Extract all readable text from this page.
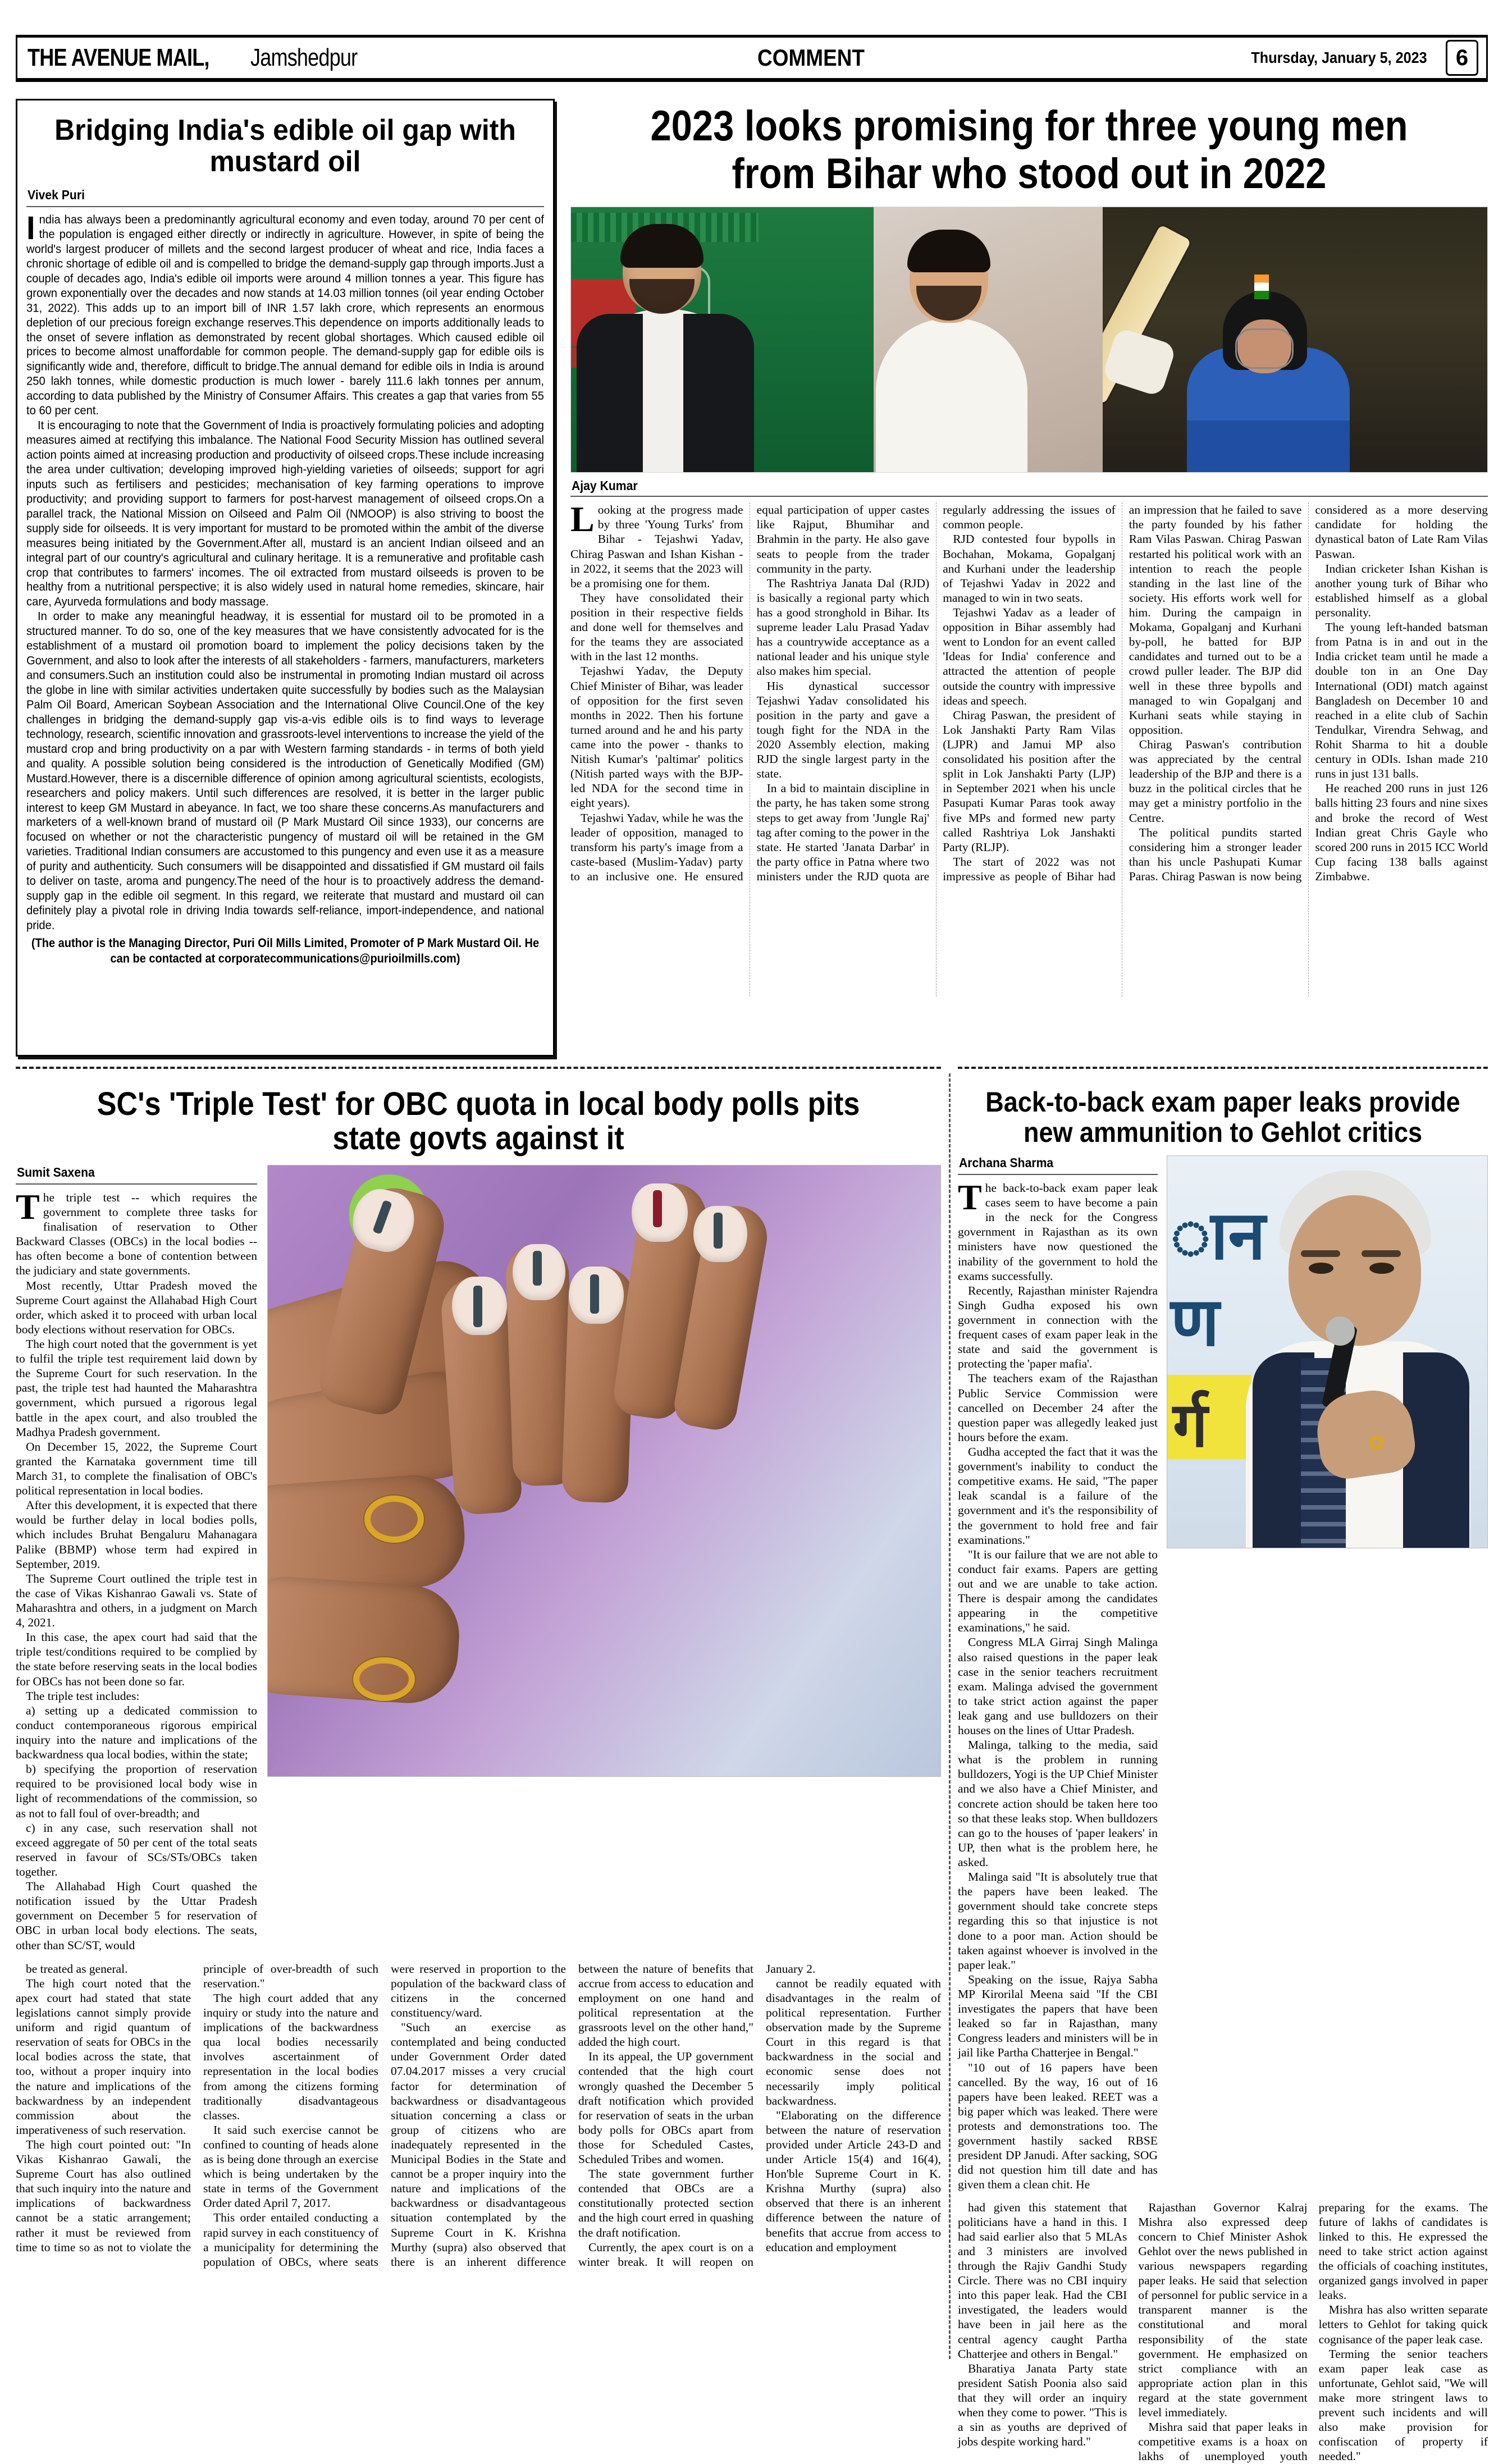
THE AVENUE MAIL, Jamshedpur	COMMENT	Thursday, January 5, 2023	6
Bridging India's edible oil gap with mustard oil
Vivek Puri

India has always been a predominantly agricultural economy and even today, around 70 per cent of the population is engaged either directly or indirectly in agriculture. However, in spite of being the world's largest producer of millets and the second largest producer of wheat and rice, India faces a chronic shortage of edible oil and is compelled to bridge the demand-supply gap through imports.Just a couple of decades ago, India's edible oil imports were around 4 million tonnes a year. This figure has grown exponentially over the decades and now stands at 14.03 million tonnes (oil year ending October 31, 2022). This adds up to an import bill of INR 1.57 lakh crore, which represents an enormous depletion of our precious foreign exchange reserves.This dependence on imports additionally leads to the onset of severe inflation as demonstrated by recent global shortages. Which caused edible oil prices to become almost unaffordable for common people. The demand-supply gap for edible oils is significantly wide and, therefore, difficult to bridge.The annual demand for edible oils in India is around 250 lakh tonnes, while domestic production is much lower - barely 111.6 lakh tonnes per annum, according to data published by the Ministry of Consumer Affairs. This creates a gap that varies from 55 to 60 per cent.

It is encouraging to note that the Government of India is proactively formulating policies and adopting measures aimed at rectifying this imbalance. The National Food Security Mission has outlined several action points aimed at increasing production and productivity of oilseed crops.These include increasing the area under cultivation; developing improved high-yielding varieties of oilseeds; support for agri inputs such as fertilisers and pesticides; mechanisation of key farming operations to improve productivity; and providing support to farmers for post-harvest management of oilseed crops.On a parallel track, the National Mission on Oilseed and Palm Oil (NMOOP) is also striving to boost the supply side for oilseeds. It is very important for mustard to be promoted within the ambit of the diverse measures being initiated by the Government.After all, mustard is an ancient Indian oilseed and an integral part of our country's agricultural and culinary heritage. It is a remunerative and profitable cash crop that contributes to farmers' incomes. The oil extracted from mustard oilseeds is proven to be healthy from a nutritional perspective; it is also widely used in natural home remedies, skincare, hair care, Ayurveda formulations and body massage.

In order to make any meaningful headway, it is essential for mustard oil to be promoted in a structured manner. To do so, one of the key measures that we have consistently advocated for is the establishment of a mustard oil promotion board to implement the policy decisions taken by the Government, and also to look after the interests of all stakeholders - farmers, manufacturers, marketers and consumers.Such an institution could also be instrumental in promoting Indian mustard oil across the globe in line with similar activities undertaken quite successfully by bodies such as the Malaysian Palm Oil Board, American Soybean Association and the International Olive Council.One of the key challenges in bridging the demand-supply gap vis-a-vis edible oils is to find ways to leverage technology, research, scientific innovation and grassroots-level interventions to increase the yield of the mustard crop and bring productivity on a par with Western farming standards - in terms of both yield and quality. A possible solution being considered is the introduction of Genetically Modified (GM) Mustard.However, there is a discernible difference of opinion among agricultural scientists, ecologists, researchers and policy makers. Until such differences are resolved, it is better in the larger public interest to keep GM Mustard in abeyance. In fact, we too share these concerns.As manufacturers and marketers of a well-known brand of mustard oil (P Mark Mustard Oil since 1933), our concerns are focused on whether or not the characteristic pungency of mustard oil will be retained in the GM varieties. Traditional Indian consumers are accustomed to this pungency and even use it as a measure of purity and authenticity. Such consumers will be disappointed and dissatisfied if GM mustard oil fails to deliver on taste, aroma and pungency.The need of the hour is to proactively address the demand-supply gap in the edible oil segment. In this regard, we reiterate that mustard and mustard oil can definitely play a pivotal role in driving India towards self-reliance, import-independence, and national pride.

(The author is the Managing Director, Puri Oil Mills Limited, Promoter of P Mark Mustard Oil. He can be contacted at corporatecommunications@purioilmills.com)
2023 looks promising for three young men from Bihar who stood out in 2022
Ajay Kumar

Looking at the progress made by three 'Young Turks' from Bihar - Tejashwi Yadav, Chirag Paswan and Ishan Kishan - in 2022, it seems that the 2023 will be a promising one for them.

They have consolidated their position in their respective fields and done well for themselves and for the teams they are associated with in the last 12 months.

Tejashwi Yadav, the Deputy Chief Minister of Bihar, was leader of opposition for the first seven months in 2022. Then his fortune turned around and he and his party came into the power - thanks to Nitish Kumar's 'paltimar' politics (Nitish parted ways with the BJP-led NDA for the second time in eight years).

Tejashwi Yadav, while he was the leader of opposition, managed to transform his party's image from a caste-based (Muslim-Yadav) party to an inclusive one. He ensured equal participation of upper castes like Rajput, Bhumihar and Brahmin in the party. He also gave seats to people from the trader community in the party.

The Rashtriya Janata Dal (RJD) is basically a regional party which has a good stronghold in Bihar. Its supreme leader Lalu Prasad Yadav has a countrywide acceptance as a national leader and his unique style also makes him special.

His dynastical successor Tejashwi Yadav consolidated his position in the party and gave a tough fight for the NDA in the 2020 Assembly election, making RJD the single largest party in the state.

In a bid to maintain discipline in the party, he has taken some strong steps to get away from 'Jungle Raj' tag after coming to the power in the state. He started 'Janata Darbar' in the party office in Patna where two ministers under the RJD quota are regularly addressing the issues of common people.

RJD contested four bypolls in Bochahan, Mokama, Gopalganj and Kurhani under the leadership of Tejashwi Yadav in 2022 and managed to win in two seats.

Tejashwi Yadav as a leader of opposition in Bihar assembly had went to London for an event called 'Ideas for India' conference and attracted the attention of people outside the country with impressive ideas and speech.

Chirag Paswan, the president of Lok Janshakti Party Ram Vilas (LJPR) and Jamui MP also consolidated his position after the split in Lok Janshakti Party (LJP) in September 2021 when his uncle Pasupati Kumar Paras took away five MPs and formed new party called Rashtriya Lok Janshakti Party (RLJP).

The start of 2022 was not impressive as people of Bihar had an impression that he failed to save the party founded by his father Ram Vilas Paswan. Chirag Paswan restarted his political work with an intention to reach the people standing in the last line of the society. His efforts work well for him. During the campaign in Mokama, Gopalganj and Kurhani by-poll, he batted for BJP candidates and turned out to be a crowd puller leader. The BJP did well in these three bypolls and managed to win Gopalganj and Kurhani seats while staying in opposition.

Chirag Paswan's contribution was appreciated by the central leadership of the BJP and there is a buzz in the political circles that he may get a ministry portfolio in the Centre.

The political pundits started considering him a stronger leader than his uncle Pashupati Kumar Paras. Chirag Paswan is now being considered as a more deserving candidate for holding the dynastical baton of Late Ram Vilas Paswan.

Indian cricketer Ishan Kishan is another young turk of Bihar who established himself as a global personality.

The young left-handed batsman from Patna is in and out in the India cricket team until he made a double ton in an One Day International (ODI) match against Bangladesh on December 10 and reached in a elite club of Sachin Tendulkar, Virendra Sehwag, and Rohit Sharma to hit a double century in ODIs. Ishan made 210 runs in just 131 balls.

He reached 200 runs in just 126 balls hitting 23 fours and nine sixes and broke the record of West Indian great Chris Gayle who scored 200 runs in 2015 ICC World Cup facing 138 balls against Zimbabwe.

SC's 'Triple Test' for OBC quota in local body polls pits state govts against it
Sumit Saxena

The triple test -- which requires the government to complete three tasks for finalisation of reservation to Other Backward Classes (OBCs) in the local bodies -- has often become a bone of contention between the judiciary and state governments.

Most recently, Uttar Pradesh moved the Supreme Court against the Allahabad High Court order, which asked it to proceed with urban local body elections without reservation for OBCs.

The high court noted that the government is yet to fulfil the triple test requirement laid down by the Supreme Court for such reservation. In the past, the triple test had haunted the Maharashtra government, which pursued a rigorous legal battle in the apex court, and also troubled the Madhya Pradesh government.

On December 15, 2022, the Supreme Court granted the Karnataka government time till March 31, to complete the finalisation of OBC's political representation in local bodies.

After this development, it is expected that there would be further delay in local bodies polls, which includes Bruhat Bengaluru Mahanagara Palike (BBMP) whose term had expired in September, 2019.

The Supreme Court outlined the triple test in the case of Vikas Kishanrao Gawali vs. State of Maharashtra and others, in a judgment on March 4, 2021.

In this case, the apex court had said that the triple test/conditions required to be complied by the state before reserving seats in the local bodies for OBCs has not been done so far.

The triple test includes:

a) setting up a dedicated commission to conduct contemporaneous rigorous empirical inquiry into the nature and implications of the backwardness qua local bodies, within the state;

b) specifying the proportion of reservation required to be provisioned local body wise in light of recommendations of the commission, so as not to fall foul of over-breadth; and

c) in any case, such reservation shall not exceed aggregate of 50 per cent of the total seats reserved in favour of SCs/STs/OBCs taken together.

The Allahabad High Court quashed the notification issued by the Uttar Pradesh government on December 5 for reservation of OBC in urban local body elections. The seats, other than SC/ST, would

be treated as general.

The high court noted that the apex court had stated that state legislations cannot simply provide uniform and rigid quantum of reservation of seats for OBCs in the local bodies across the state, that too, without a proper inquiry into the nature and implications of the backwardness by an independent commission about the imperativeness of such reservation.

The high court pointed out: "In Vikas Kishanrao Gawali, the Supreme Court has also outlined that such inquiry into the nature and implications of backwardness cannot be a static arrangement; rather it must be reviewed from time to time so as not to violate the principle of over-breadth of such reservation."

The high court added that any inquiry or study into the nature and implications of the backwardness qua local bodies necessarily involves ascertainment of representation in the local bodies from among the citizens forming traditionally disadvantageous classes.

It said such exercise cannot be confined to counting of heads alone as is being done through an exercise which is being undertaken by the state in terms of the Government Order dated April 7, 2017.

This order entailed conducting a rapid survey in each constituency of a municipality for determining the population of OBCs, where seats were reserved in proportion to the population of the backward class of citizens in the concerned constituency/ward.

"Such an exercise as contemplated and being conducted under Government Order dated 07.04.2017 misses a very crucial factor for determination of backwardness or disadvantageous situation concerning a class or group of citizens who are inadequately represented in the Municipal Bodies in the State and cannot be a proper inquiry into the nature and implications of the backwardness or disadvantageous situation contemplated by the Supreme Court in K. Krishna Murthy (supra) also observed that there is an inherent difference between the nature of benefits that accrue from access to education and employment on one hand and political representation at the grassroots level on the other hand," added the high court.

In its appeal, the UP government contended that the high court wrongly quashed the December 5 draft notification which provided for reservation of seats in the urban body polls for OBCs apart from those for Scheduled Castes, Scheduled Tribes and women.

The state government further contended that OBCs are a constitutionally protected section and the high court erred in quashing the draft notification.

Currently, the apex court is on a winter break. It will reopen on January 2.

cannot be readily equated with disadvantages in the realm of political representation. Further observation made by the Supreme Court in this regard is that backwardness in the social and economic sense does not necessarily imply political backwardness.

"Elaborating on the difference between the nature of reservation provided under Article 243-D and under Article 15(4) and 16(4), Hon'ble Supreme Court in K. Krishna Murthy (supra) also observed that there is an inherent difference between the nature of benefits that accrue from access to education and employment

Back-to-back exam paper leaks provide new ammunition to Gehlot critics
Archana Sharma

The back-to-back exam paper leak cases seem to have become a pain in the neck for the Congress government in Rajasthan as its own ministers have now questioned the inability of the government to hold the exams successfully.

Recently, Rajasthan minister Rajendra Singh Gudha exposed his own government in connection with the frequent cases of exam paper leak in the state and said the government is protecting the 'paper mafia'.

The teachers exam of the Rajasthan Public Service Commission were cancelled on December 24 after the question paper was allegedly leaked just hours before the exam.

Gudha accepted the fact that it was the government's inability to conduct the competitive exams. He said, "The paper leak scandal is a failure of the government and it's the responsibility of the government to hold free and fair examinations."

"It is our failure that we are not able to conduct fair exams. Papers are getting out and we are unable to take action. There is despair among the candidates appearing in the competitive examinations," he said.

Congress MLA Girraj Singh Malinga also raised questions in the paper leak case in the senior teachers recruitment exam. Malinga advised the government to take strict action against the paper leak gang and use bulldozers on their houses on the lines of Uttar Pradesh.

Malinga, talking to the media, said what is the problem in running bulldozers, Yogi is the UP Chief Minister and we also have a Chief Minister, and concrete action should be taken here too so that these leaks stop. When bulldozers can go to the houses of 'paper leakers' in UP, then what is the problem here, he asked.

Malinga said "It is absolutely true that the papers have been leaked. The government should take concrete steps regarding this so that injustice is not done to a poor man. Action should be taken against whoever is involved in the paper leak."

Speaking on the issue, Rajya Sabha MP Kirorilal Meena said "If the CBI investigates the papers that have been leaked so far in Rajasthan, many Congress leaders and ministers will be in jail like Partha Chatterjee in Bengal."

"10 out of 16 papers have been cancelled. By the way, 16 out of 16 papers have been leaked. REET was a big paper which was leaked. There were protests and demonstrations too. The government hastily sacked RBSE president DP Janudi. After sacking, SOG did not question him till date and has given them a clean chit. He

ान
ण
र्ग

had given this statement that politicians have a hand in this. I had said earlier also that 5 MLAs and 3 ministers are involved through the Rajiv Gandhi Study Circle. There was no CBI inquiry into this paper leak. Had the CBI investigated, the leaders would have been in jail here as the central agency caught Partha Chatterjee and others in Bengal."

Bharatiya Janata Party state president Satish Poonia also said that they will order an inquiry when they come to power. "This is a sin as youths are deprived of jobs despite working hard."

Rajasthan Governor Kalraj Mishra also expressed deep concern to Chief Minister Ashok Gehlot over the news published in various newspapers regarding paper leaks. He said that selection of personnel for public service in a transparent manner is the constitutional and moral responsibility of the state government. He emphasized on strict compliance with an appropriate action plan in this regard at the state government level immediately.

Mishra said that paper leaks in competitive exams is a hoax on lakhs of unemployed youth preparing for the exams. The future of lakhs of candidates is linked to this. He expressed the need to take strict action against the officials of coaching institutes, organized gangs involved in paper leaks.

Mishra has also written separate letters to Gehlot for taking quick cognisance of the paper leak case.

Terming the senior teachers exam paper leak case as unfortunate, Gehlot said, "We will make more stringent laws to prevent such incidents and will also make provision for confiscation of property if needed."
